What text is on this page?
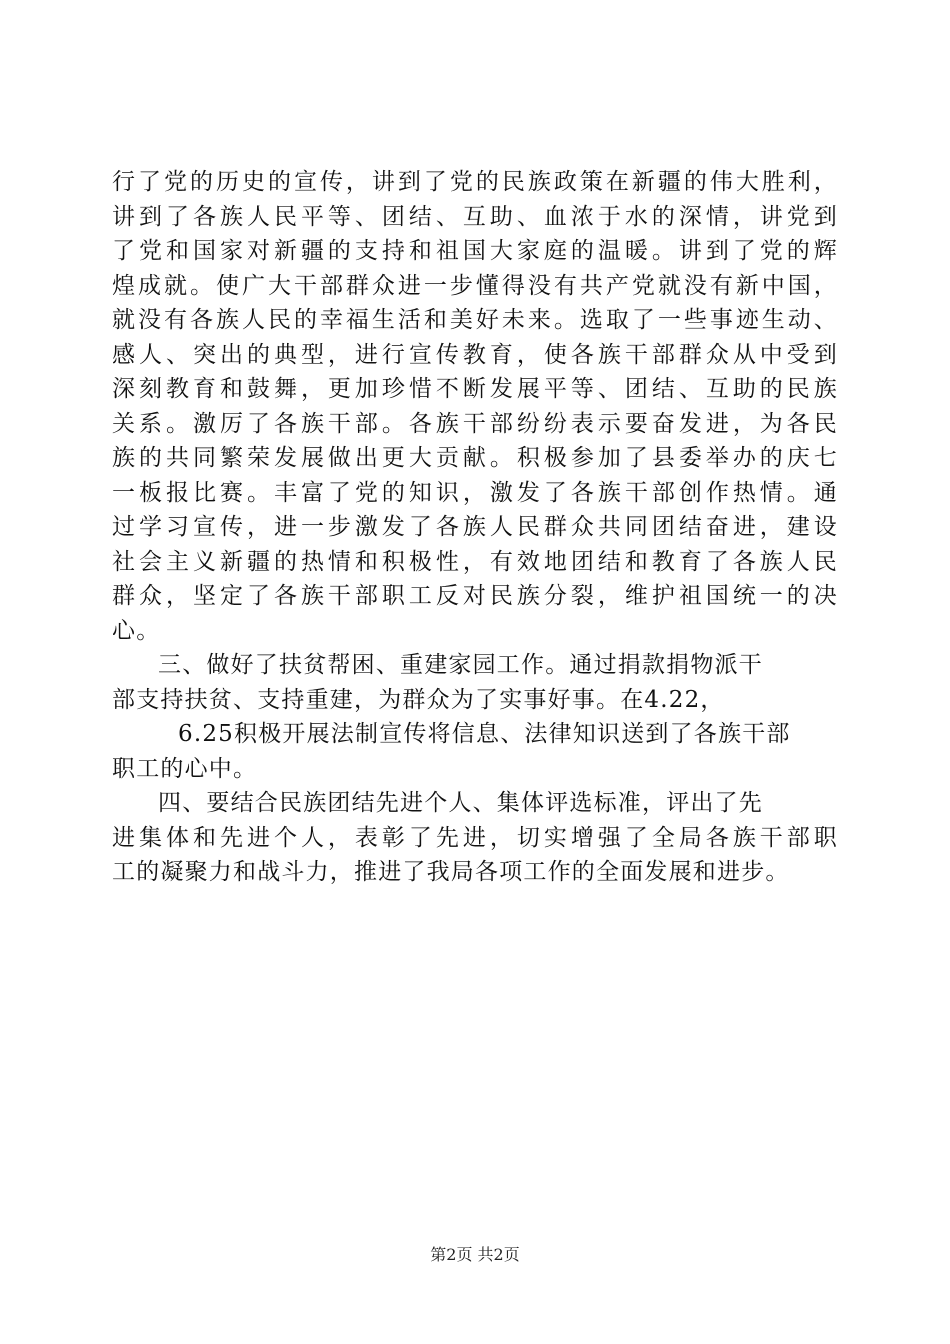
行了党的历史的宣传，讲到了党的民族政策在新疆的伟大胜利，
讲到了各族人民平等、团结、互助、血浓于水的深情，讲党到
了党和国家对新疆的支持和祖国大家庭的温暖。讲到了党的辉
煌成就。使广大干部群众进一步懂得没有共产党就没有新中国，
就没有各族人民的幸福生活和美好未来。选取了一些事迹生动、
感人、突出的典型，进行宣传教育，使各族干部群众从中受到
深刻教育和鼓舞，更加珍惜不断发展平等、团结、互助的民族
关系。激厉了各族干部。各族干部纷纷表示要奋发进，为各民
族的共同繁荣发展做出更大贡献。积极参加了县委举办的庆七
一板报比赛。丰富了党的知识，激发了各族干部创作热情。通
过学习宣传，进一步激发了各族人民群众共同团结奋进，建设
社会主义新疆的热情和积极性，有效地团结和教育了各族人民
群众，坚定了各族干部职工反对民族分裂，维护祖国统一的决
心。
三、做好了扶贫帮困、重建家园工作。通过捐款捐物派干
部支持扶贫、支持重建，为群众为了实事好事。在4.22，
6.25积极开展法制宣传将信息、法律知识送到了各族干部
职工的心中。
四、要结合民族团结先进个人、集体评选标准，评出了先
进集体和先进个人，表彰了先进，切实增强了全局各族干部职
工的凝聚力和战斗力，推进了我局各项工作的全面发展和进步。
第2页 共2页
